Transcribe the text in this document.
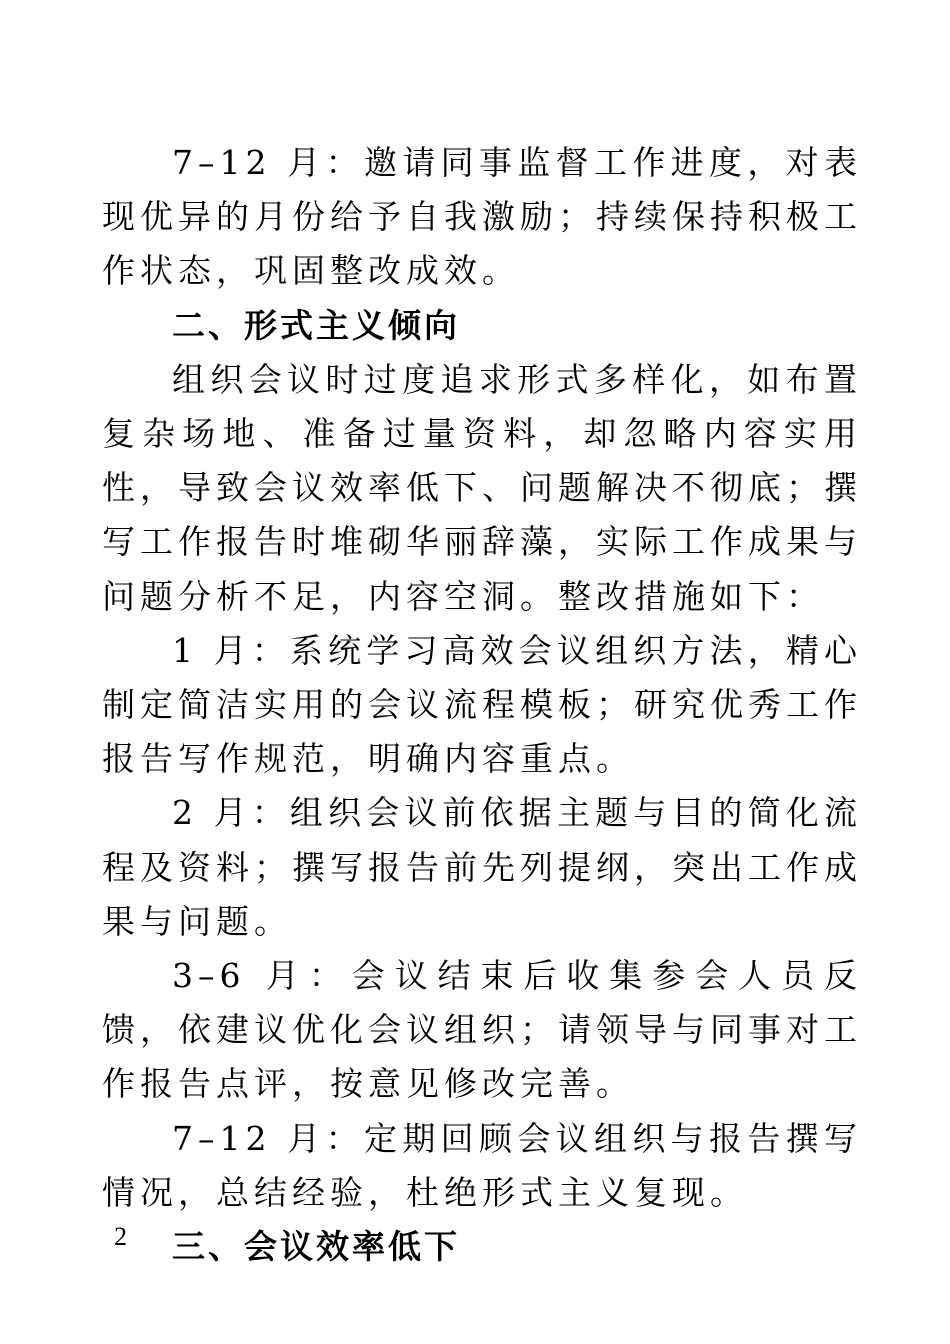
7–12 月：邀请同事监督工作进度，对表现优异的月份给予自我激励；持续保持积极工作状态，巩固整改成效。

二、形式主义倾向

组织会议时过度追求形式多样化，如布置复杂场地、准备过量资料，却忽略内容实用性，导致会议效率低下、问题解决不彻底；撰写工作报告时堆砌华丽辞藻，实际工作成果与问题分析不足，内容空洞。整改措施如下：

1 月：系统学习高效会议组织方法，精心制定简洁实用的会议流程模板；研究优秀工作报告写作规范，明确内容重点。

2 月：组织会议前依据主题与目的简化流程及资料；撰写报告前先列提纲，突出工作成果与问题。

3–6 月：会议结束后收集参会人员反馈，依建议优化会议组织；请领导与同事对工作报告点评，按意见修改完善。

7–12 月：定期回顾会议组织与报告撰写情况，总结经验，杜绝形式主义复现。

三、会议效率低下

2
